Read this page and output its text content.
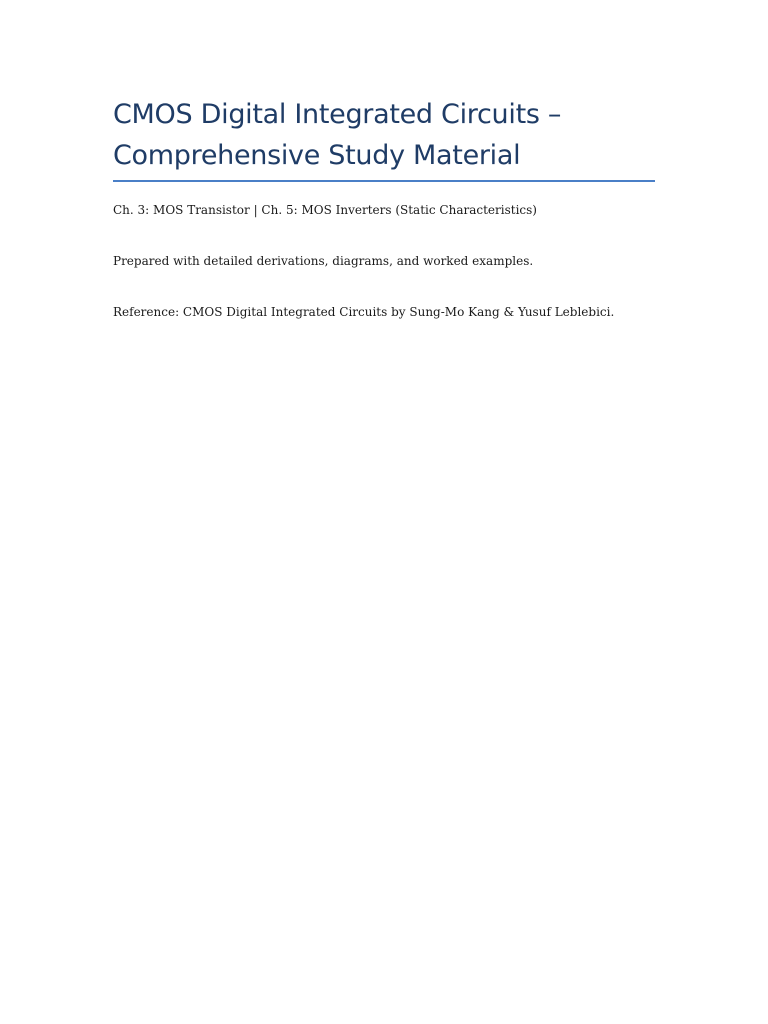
CMOS Digital Integrated Circuits –
Comprehensive Study Material

Ch. 3: MOS Transistor | Ch. 5: MOS Inverters (Static Characteristics)

Prepared with detailed derivations, diagrams, and worked examples.

Reference: CMOS Digital Integrated Circuits by Sung-Mo Kang & Yusuf Leblebici.
